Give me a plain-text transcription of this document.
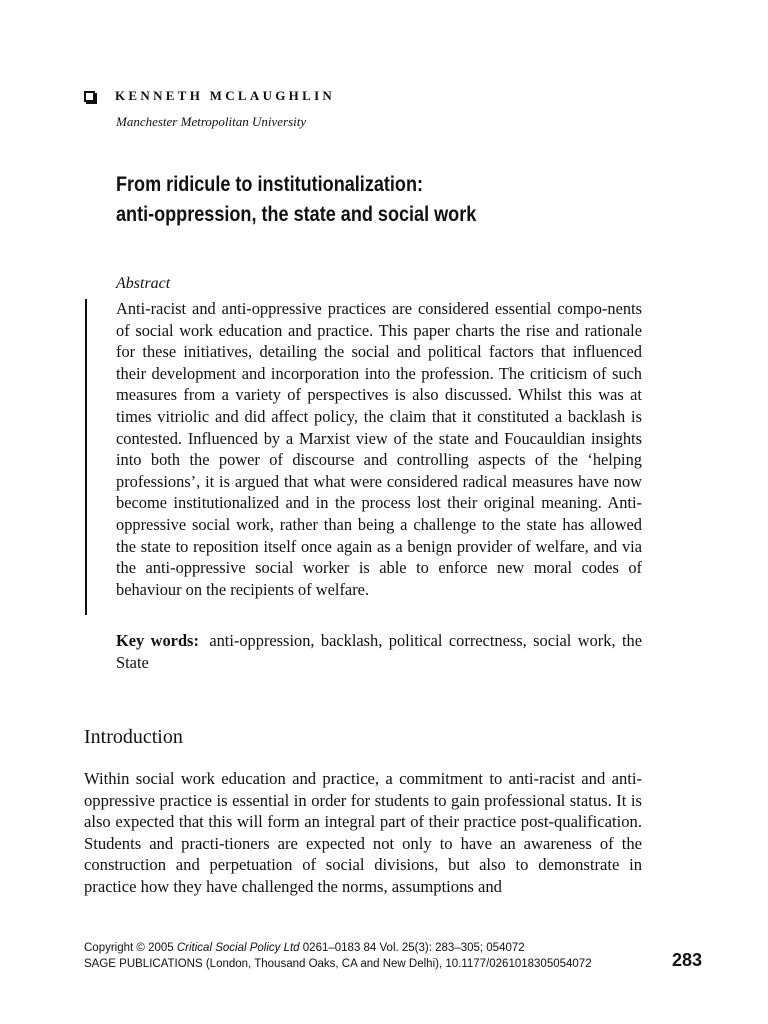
KENNETH MCLAUGHLIN
Manchester Metropolitan University
From ridicule to institutionalization:
anti-oppression, the state and social work
Abstract
Anti-racist and anti-oppressive practices are considered essential compo-nents of social work education and practice. This paper charts the rise and rationale for these initiatives, detailing the social and political factors that influenced their development and incorporation into the profession. The criticism of such measures from a variety of perspectives is also discussed. Whilst this was at times vitriolic and did affect policy, the claim that it constituted a backlash is contested. Influenced by a Marxist view of the state and Foucauldian insights into both the power of discourse and controlling aspects of the ‘helping professions’, it is argued that what were considered radical measures have now become institutionalized and in the process lost their original meaning. Anti-oppressive social work, rather than being a challenge to the state has allowed the state to reposition itself once again as a benign provider of welfare, and via the anti-oppressive social worker is able to enforce new moral codes of behaviour on the recipients of welfare.
Key words: anti-oppression, backlash, political correctness, social work, the State
Introduction
Within social work education and practice, a commitment to anti-racist and anti-oppressive practice is essential in order for students to gain professional status. It is also expected that this will form an integral part of their practice post-qualification. Students and practi-tioners are expected not only to have an awareness of the construction and perpetuation of social divisions, but also to demonstrate in practice how they have challenged the norms, assumptions and
Copyright © 2005 Critical Social Policy Ltd 0261–0183 84 Vol. 25(3): 283–305; 054072
SAGE PUBLICATIONS (London, Thousand Oaks, CA and New Delhi), 10.1177/0261018305054072	283
